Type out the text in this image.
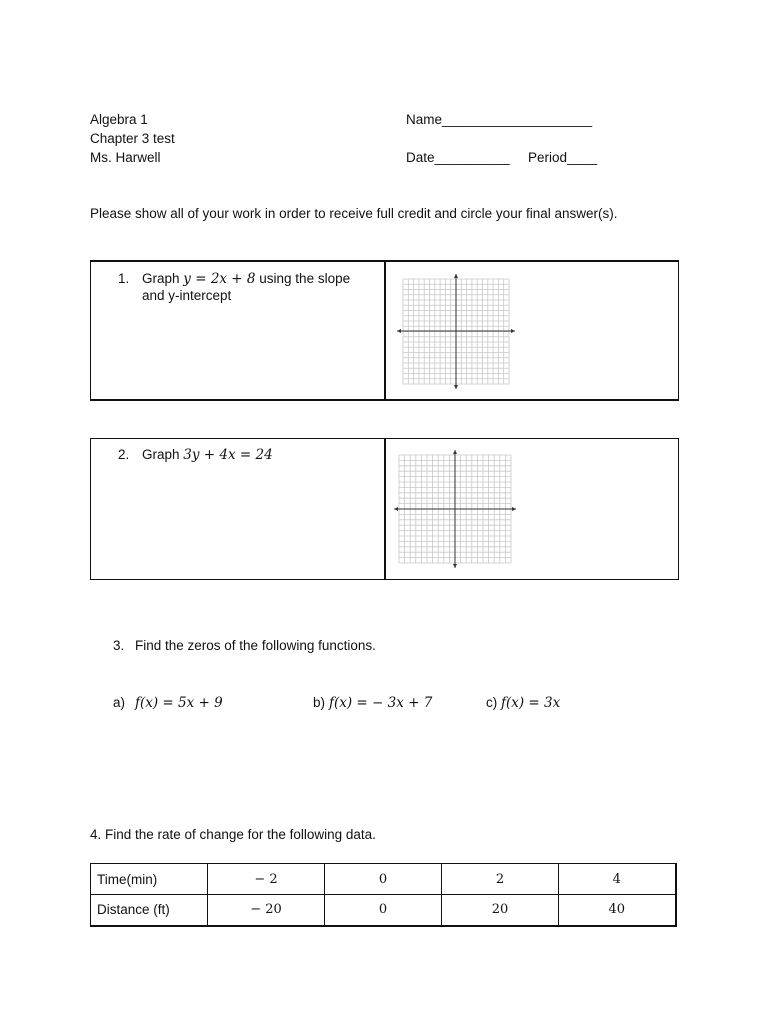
Algebra 1
Chapter 3 test
Ms. Harwell
Name____________________
Date__________ Period____
Please show all of your work in order to receive full credit and circle your final answer(s).
1. Graph y = 2x + 8 using the slope
and y-intercept
2. Graph 3y + 4x = 24
3. Find the zeros of the following functions.
a) f(x) = 5x + 9	b) f(x) = − 3x + 7	c) f(x) = 3x
4. Find the rate of change for the following data.
Time(min)	− 2	0	2	4
Distance (ft)	− 20	0	20	40
